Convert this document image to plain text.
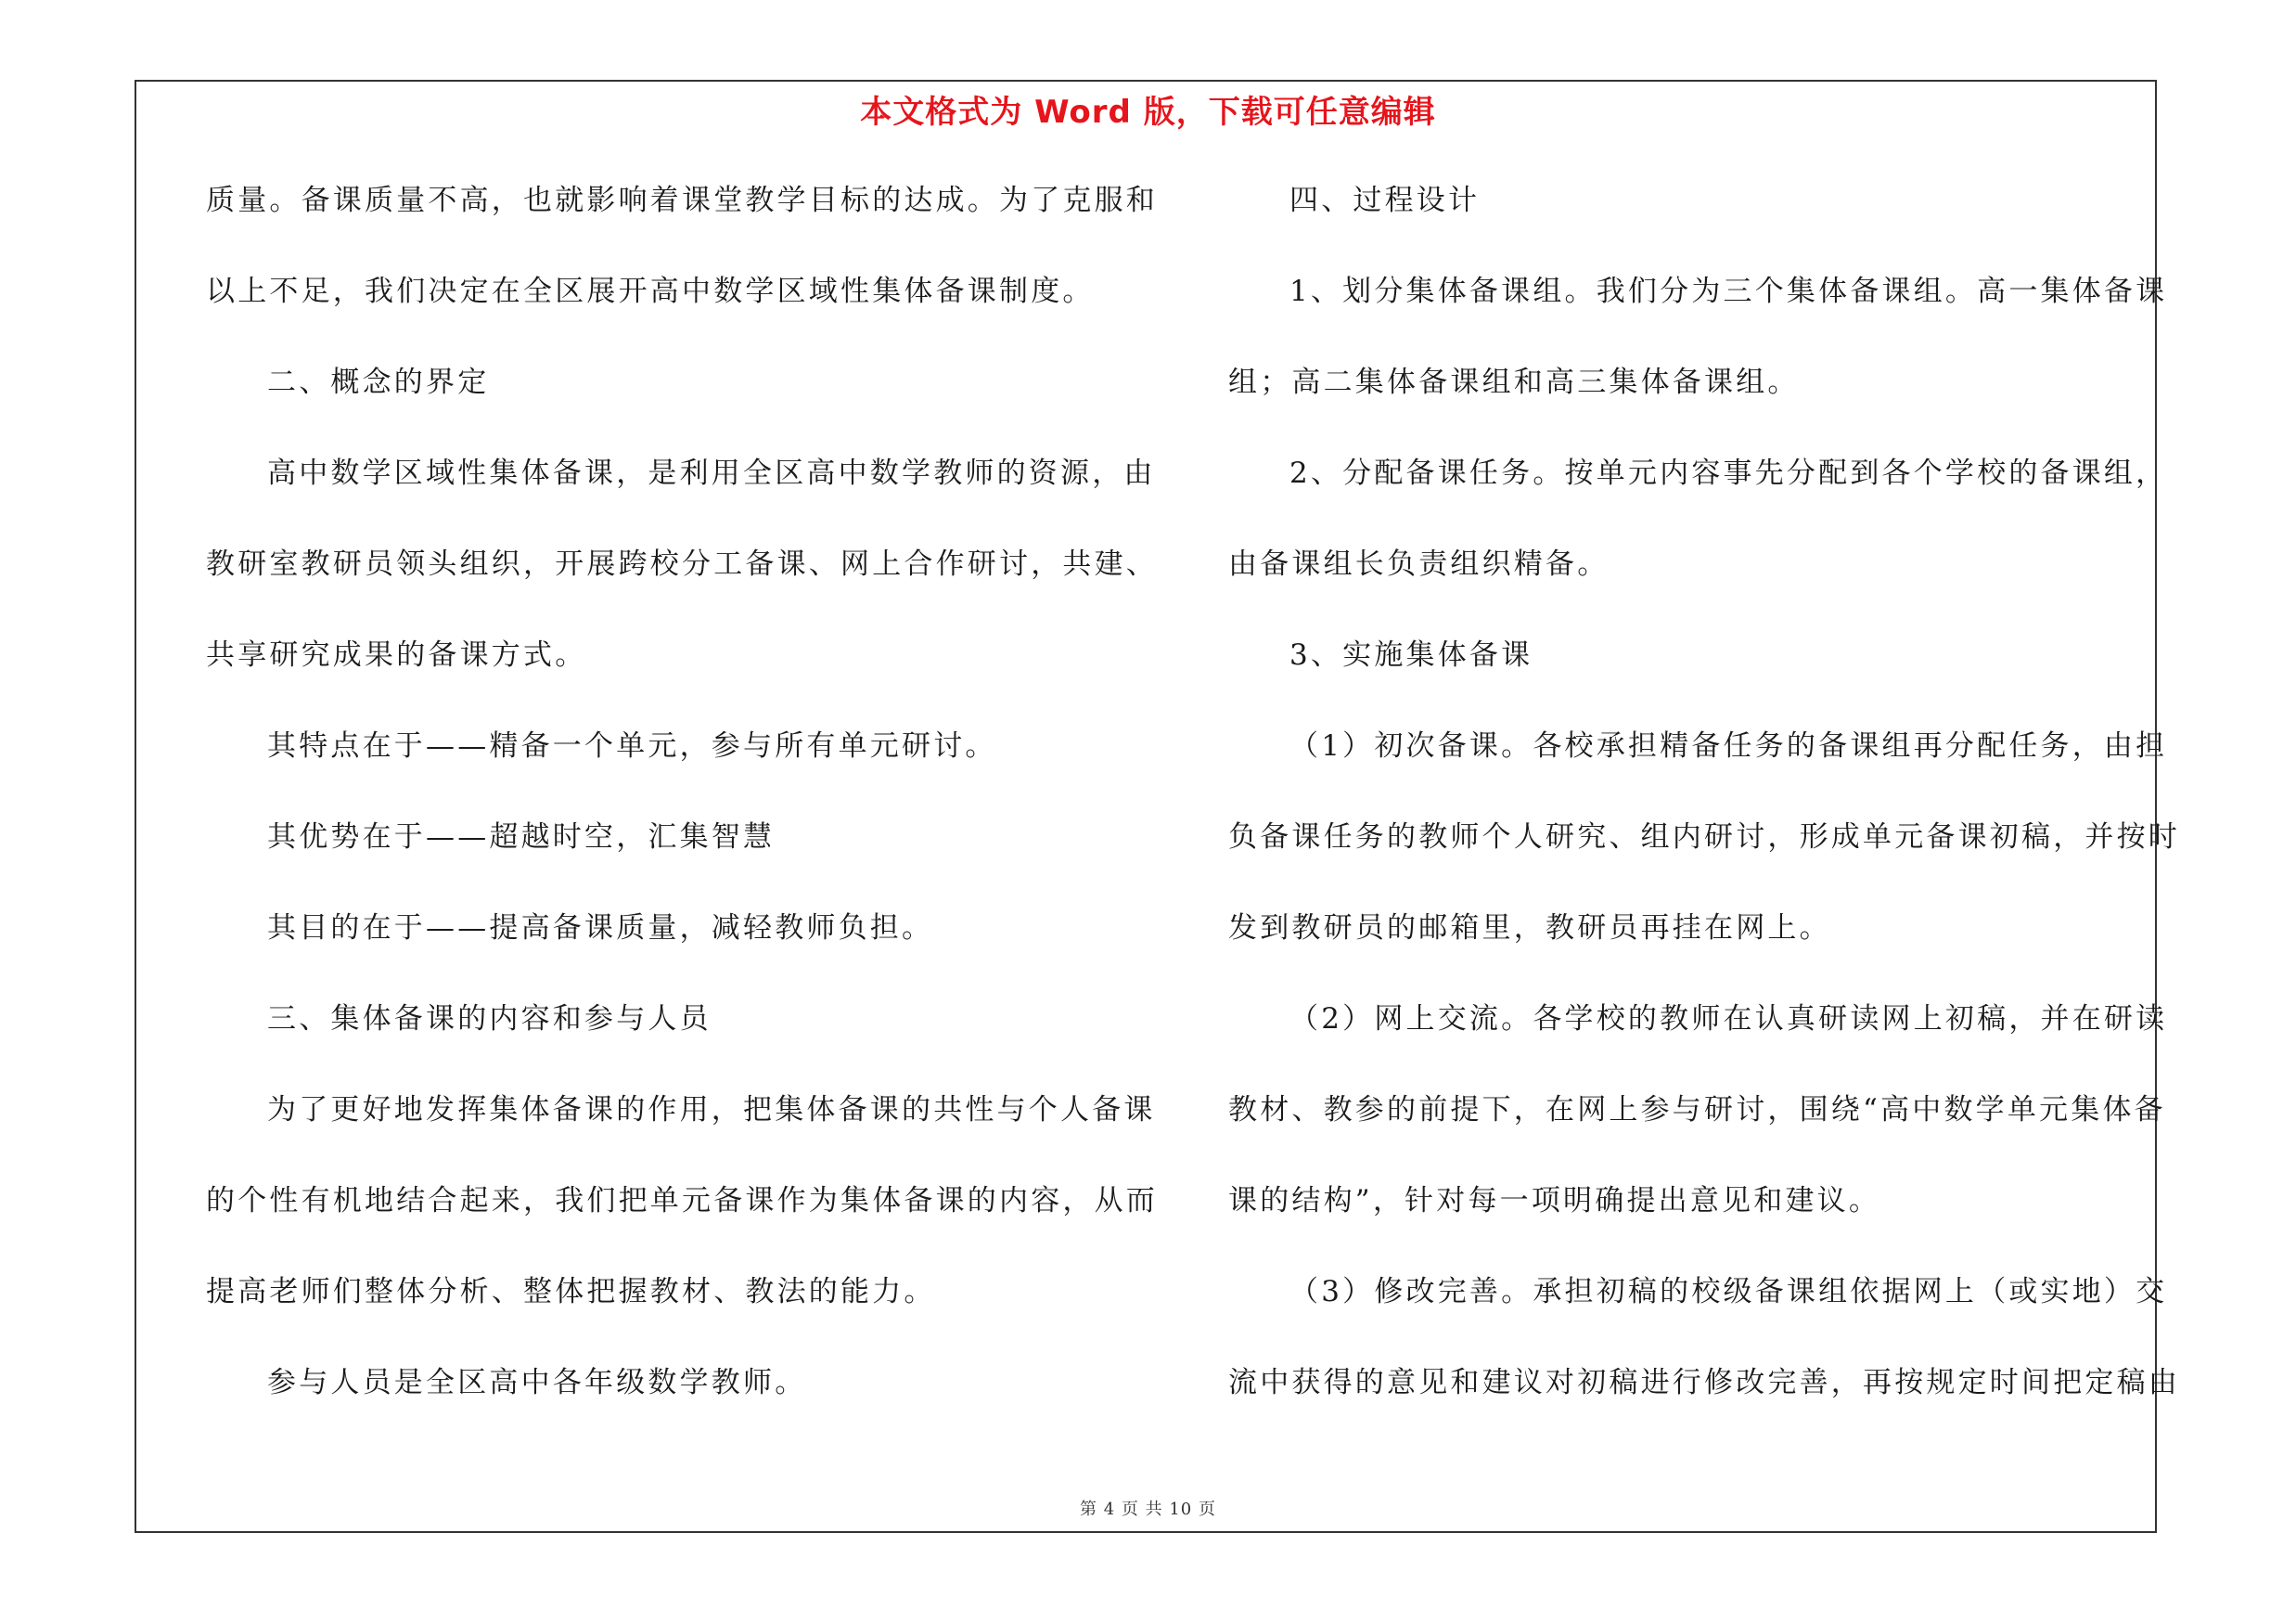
本文格式为 Word 版，下载可任意编辑
质量。备课质量不高，也就影响着课堂教学目标的达成。为了克服和
以上不足，我们决定在全区展开高中数学区域性集体备课制度。
二、概念的界定
高中数学区域性集体备课，是利用全区高中数学教师的资源，由
教研室教研员领头组织，开展跨校分工备课、网上合作研讨，共建、
共享研究成果的备课方式。
其特点在于——精备一个单元，参与所有单元研讨。
其优势在于——超越时空，汇集智慧
其目的在于——提高备课质量，减轻教师负担。
三、集体备课的内容和参与人员
为了更好地发挥集体备课的作用，把集体备课的共性与个人备课
的个性有机地结合起来，我们把单元备课作为集体备课的内容，从而
提高老师们整体分析、整体把握教材、教法的能力。
参与人员是全区高中各年级数学教师。
四、过程设计
1、划分集体备课组。我们分为三个集体备课组。高一集体备课
组；高二集体备课组和高三集体备课组。
2、分配备课任务。按单元内容事先分配到各个学校的备课组，
由备课组长负责组织精备。
3、实施集体备课
（1）初次备课。各校承担精备任务的备课组再分配任务，由担
负备课任务的教师个人研究、组内研讨，形成单元备课初稿，并按时
发到教研员的邮箱里，教研员再挂在网上。
（2）网上交流。各学校的教师在认真研读网上初稿，并在研读
教材、教参的前提下，在网上参与研讨，围绕“高中数学单元集体备
课的结构”，针对每一项明确提出意见和建议。
（3）修改完善。承担初稿的校级备课组依据网上（或实地）交
流中获得的意见和建议对初稿进行修改完善，再按规定时间把定稿由
第 4 页 共 10 页
